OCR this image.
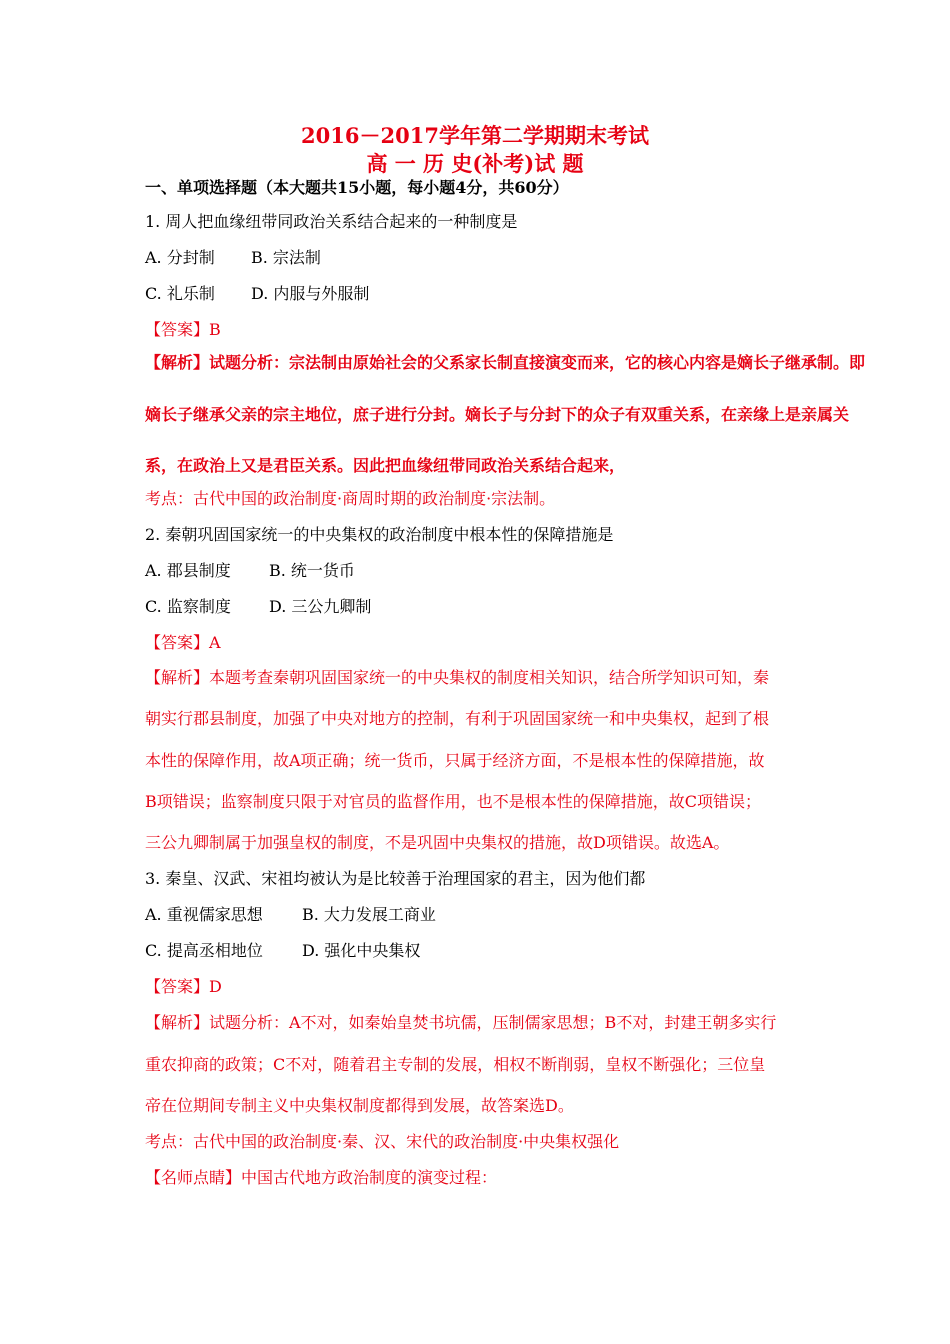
2016－2017学年第二学期期末考试
高 一 历 史(补考)试 题
一、单项选择题（本大题共15小题，每小题4分，共60分）
1. 周人把血缘纽带同政治关系结合起来的一种制度是
A. 分封制 B. 宗法制
C. 礼乐制 D. 内服与外服制
【答案】B
【解析】试题分析：宗法制由原始社会的父系家长制直接演变而来，它的核心内容是嫡长子继承制。即
嫡长子继承父亲的宗主地位，庶子进行分封。嫡长子与分封下的众子有双重关系，在亲缘上是亲属关
系，在政治上又是君臣关系。因此把血缘纽带同政治关系结合起来，
考点：古代中国的政治制度·商周时期的政治制度·宗法制。
2. 秦朝巩固国家统一的中央集权的政治制度中根本性的保障措施是
A. 郡县制度 B. 统一货币
C. 监察制度 D. 三公九卿制
【答案】A
【解析】本题考查秦朝巩固国家统一的中央集权的制度相关知识，结合所学知识可知，秦
朝实行郡县制度，加强了中央对地方的控制，有利于巩固国家统一和中央集权，起到了根
本性的保障作用，故A项正确；统一货币，只属于经济方面，不是根本性的保障措施，故
B项错误；监察制度只限于对官员的监督作用，也不是根本性的保障措施，故C项错误；
三公九卿制属于加强皇权的制度，不是巩固中央集权的措施，故D项错误。故选A。
3. 秦皇、汉武、宋祖均被认为是比较善于治理国家的君主，因为他们都
A. 重视儒家思想 B. 大力发展工商业
C. 提高丞相地位 D. 强化中央集权
【答案】D
【解析】试题分析：A不对，如秦始皇焚书坑儒，压制儒家思想；B不对，封建王朝多实行
重农抑商的政策；C不对，随着君主专制的发展，相权不断削弱，皇权不断强化；三位皇
帝在位期间专制主义中央集权制度都得到发展，故答案选D。
考点：古代中国的政治制度·秦、汉、宋代的政治制度·中央集权强化
【名师点睛】中国古代地方政治制度的演变过程：
